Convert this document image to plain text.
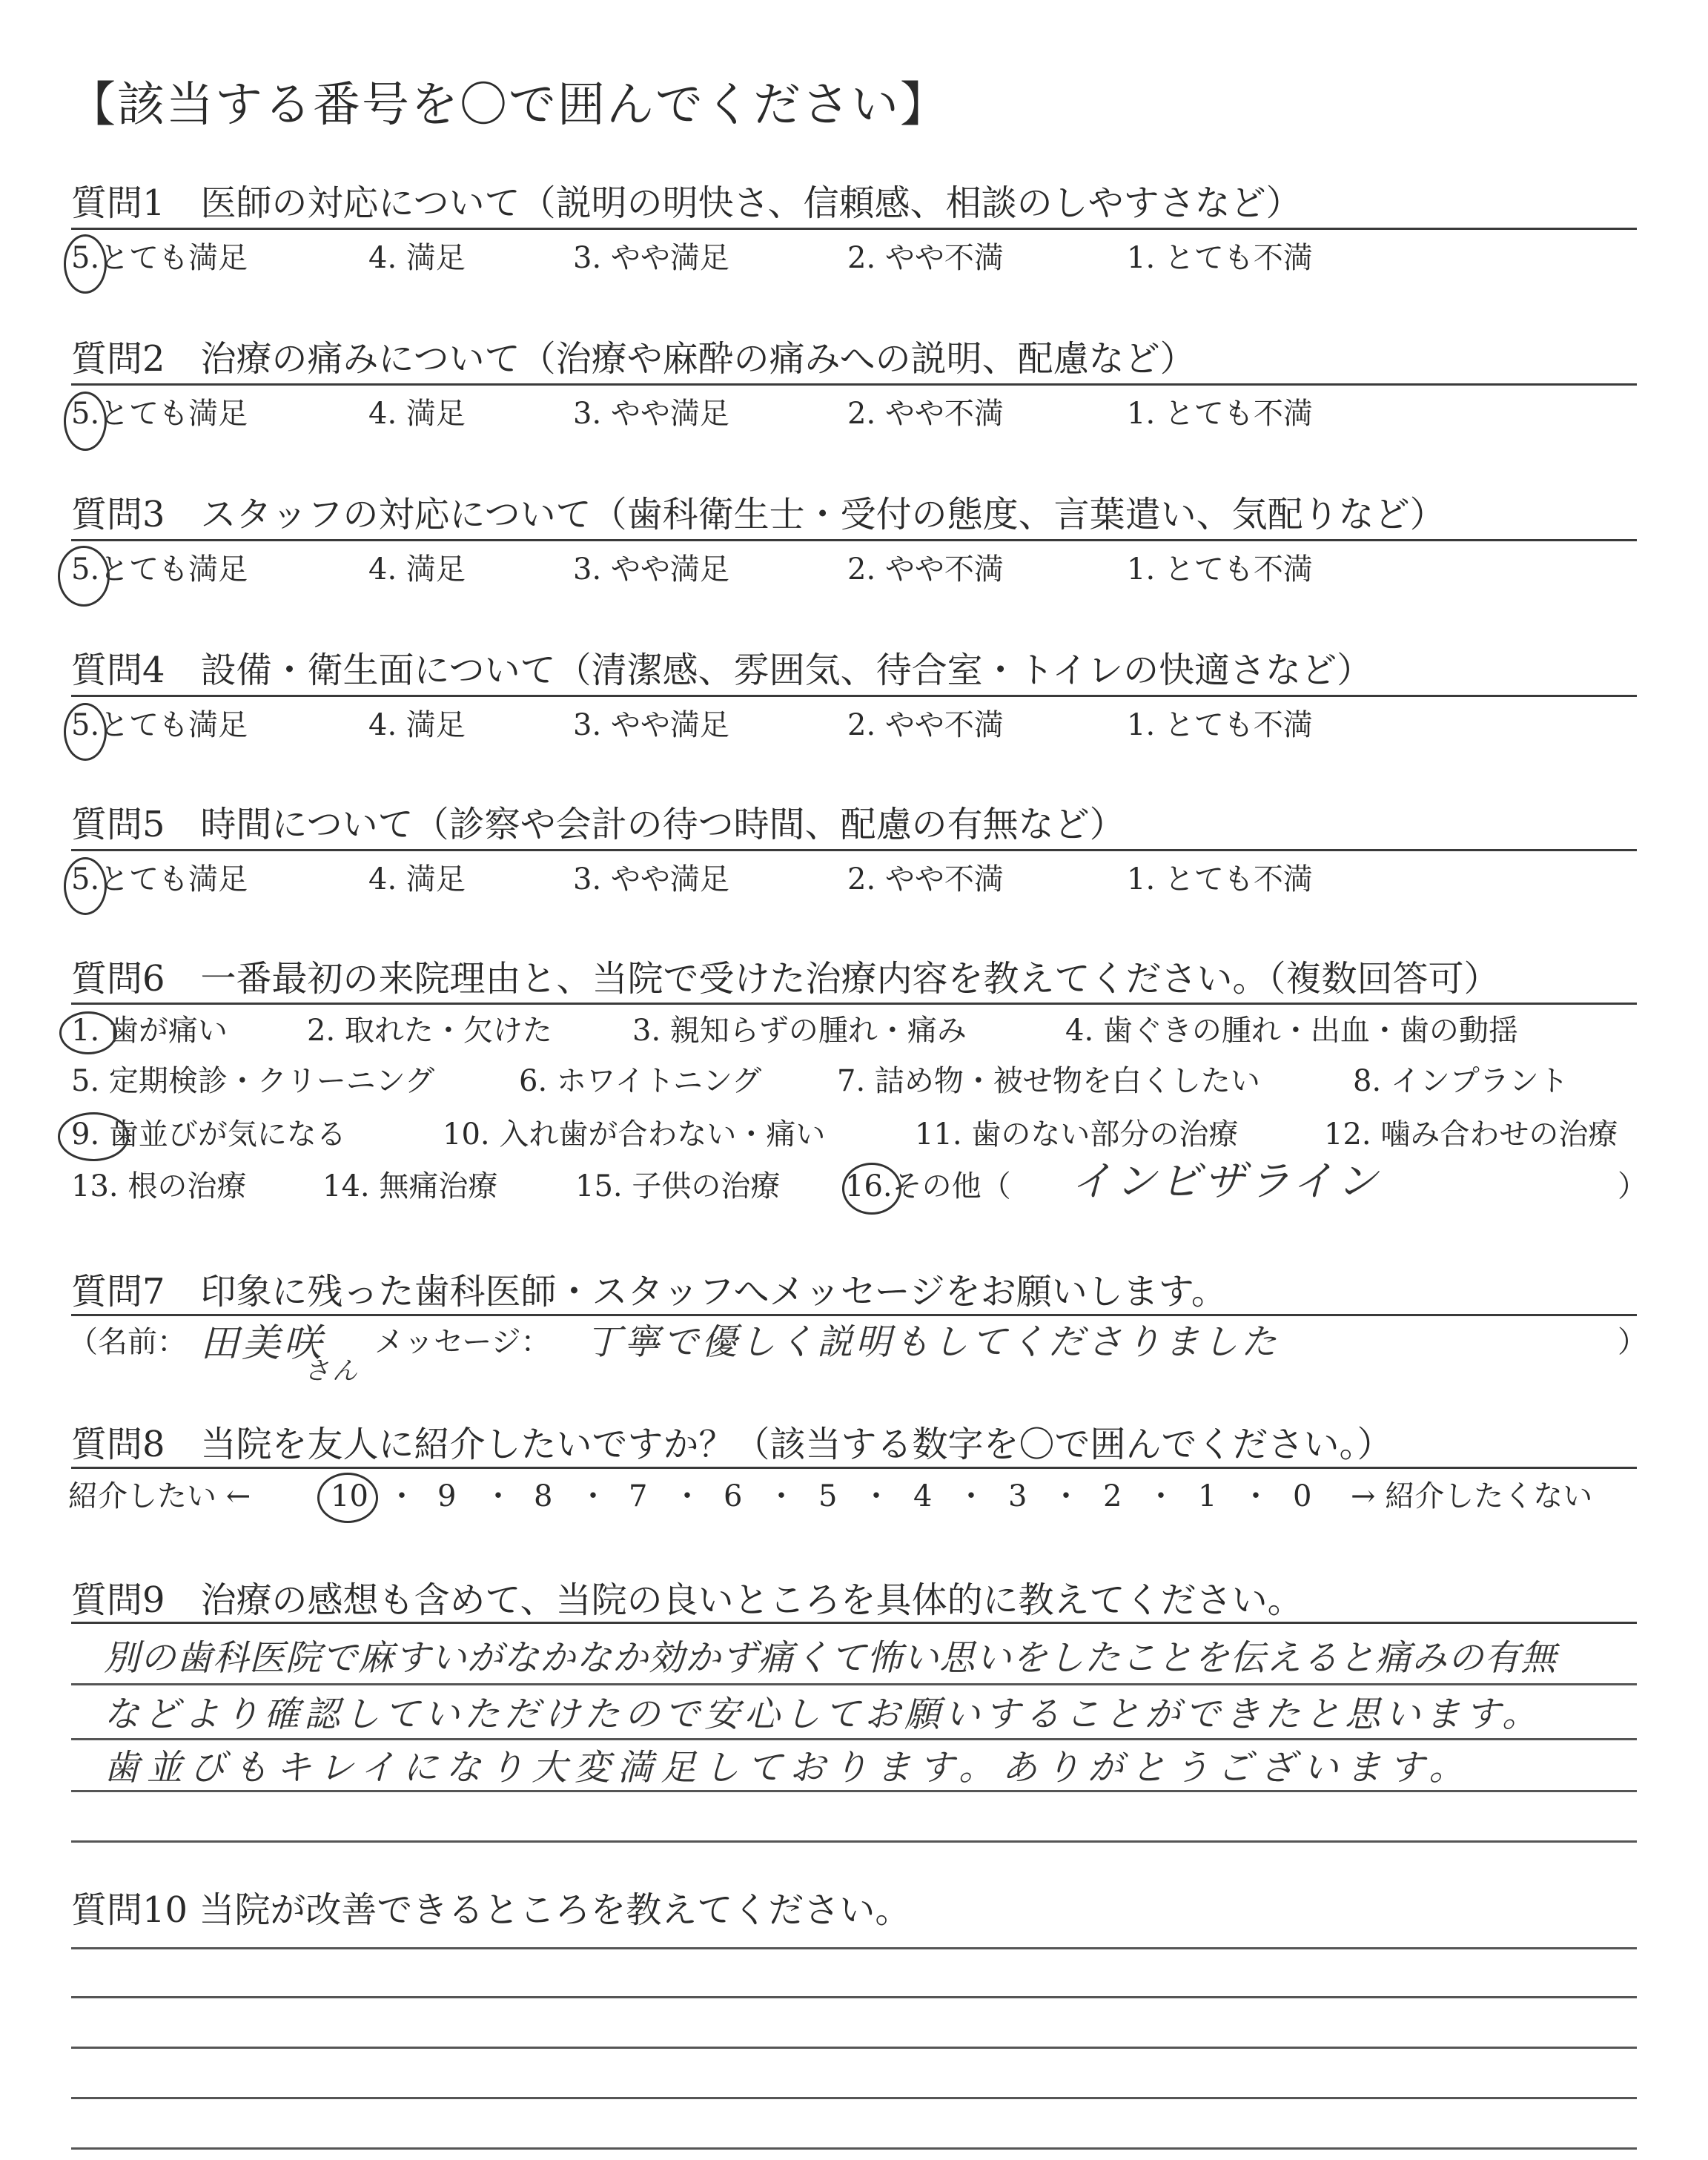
【該当する番号を〇で囲んでください】
質問1　医師の対応について（説明の明快さ、信頼感、相談のしやすさなど）
5.とても満足	4. 満足	3. やや満足	2. やや不満	1. とても不満
質問2　治療の痛みについて（治療や麻酔の痛みへの説明、配慮など）
5.とても満足	4. 満足	3. やや満足	2. やや不満	1. とても不満
質問3　スタッフの対応について（歯科衛生士・受付の態度、言葉遣い、気配りなど）
5.とても満足	4. 満足	3. やや満足	2. やや不満	1. とても不満
質問4　設備・衛生面について（清潔感、雰囲気、待合室・トイレの快適さなど）
5.とても満足	4. 満足	3. やや満足	2. やや不満	1. とても不満
質問5　時間について（診察や会計の待つ時間、配慮の有無など）
5.とても満足	4. 満足	3. やや満足	2. やや不満	1. とても不満
質問6　一番最初の来院理由と、当院で受けた治療内容を教えてください。（複数回答可）
1. 歯が痛い	2. 取れた・欠けた	3. 親知らずの腫れ・痛み	4. 歯ぐきの腫れ・出血・歯の動揺
5. 定期検診・クリーニング	6. ホワイトニング	7. 詰め物・被せ物を白くしたい	8. インプラント
9. 歯並びが気になる	10. 入れ歯が合わない・痛い	11. 歯のない部分の治療	12. 噛み合わせの治療
13. 根の治療	14. 無痛治療	15. 子供の治療 16.その他（ インビザライン	）
質問7　印象に残った歯科医師・スタッフへメッセージをお願いします。
（名前： 田美咲
さん
メッセージ： 丁寧で優しく説明もしてくださりました	）
質問8　当院を友人に紹介したいですか？（該当する数字を〇で囲んでください。）
紹介したい ←	10 ・ 9 ・ 8 ・ 7 ・ 6 ・ 5 ・ 4 ・ 3 ・ 2 ・ 1 ・ 0 → 紹介したくない
質問9　治療の感想も含めて、当院の良いところを具体的に教えてください。
別の歯科医院で麻すいがなかなか効かず痛くて怖い思いをしたことを伝えると痛みの有無
などより確認していただけたので安心してお願いすることができたと思います。
歯並びもキレイになり大変満足しております。ありがとうございます。
質問10 当院が改善できるところを教えてください。
